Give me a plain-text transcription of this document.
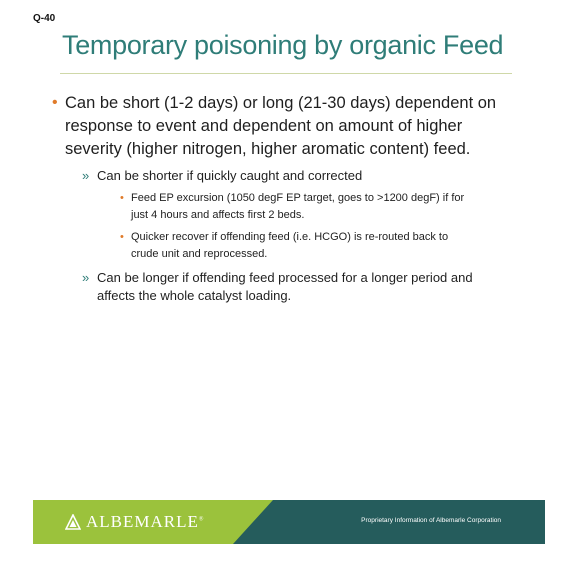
Q-40
Temporary poisoning by organic Feed
• Can be short (1-2 days) or long (21-30 days) dependent on response to event and dependent on amount of higher severity (higher nitrogen, higher aromatic content) feed.
» Can be shorter if quickly caught and corrected
• Feed EP excursion (1050 degF EP target, goes to >1200 degF) if for just 4 hours and affects first 2 beds.
• Quicker recover if offending feed (i.e. HCGO) is re-routed back to crude unit and reprocessed.
» Can be longer if offending feed processed for a longer period and affects the whole catalyst loading.
ALBEMARLE®	Proprietary Information of Albemarle Corporation
